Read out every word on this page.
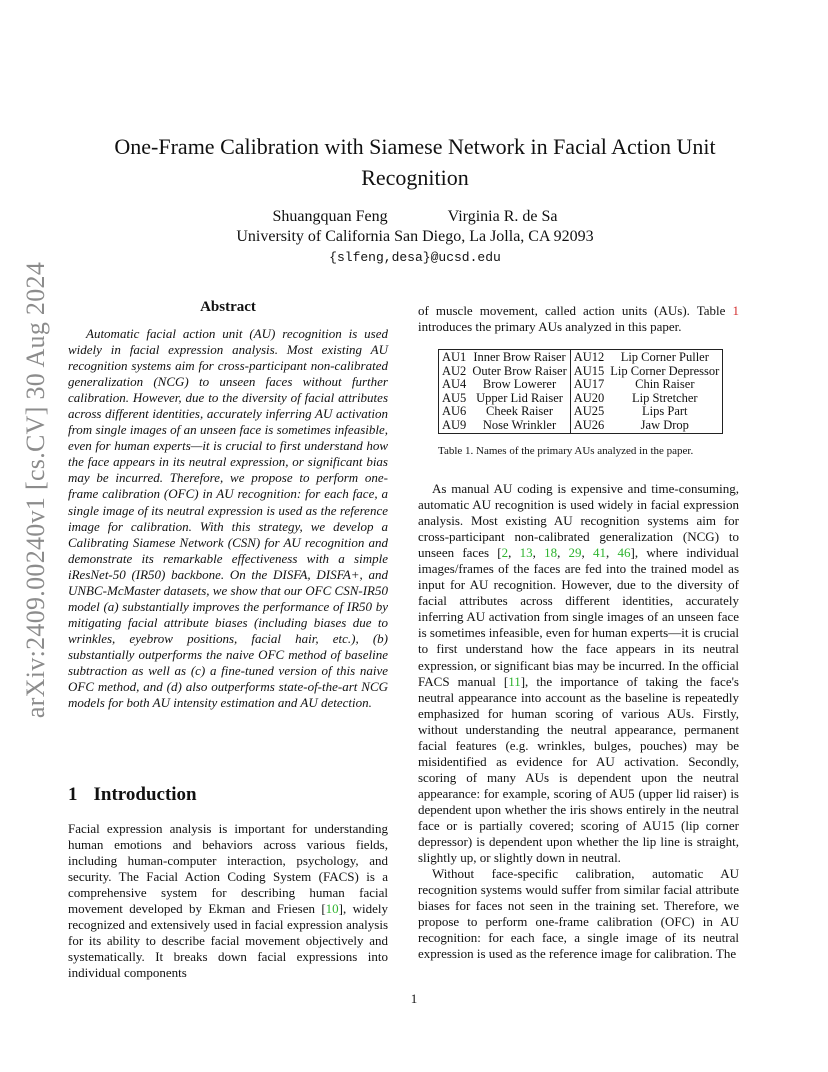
arXiv:2409.00240v1 [cs.CV] 30 Aug 2024
One-Frame Calibration with Siamese Network in Facial Action Unit Recognition
Shuangquan Feng	Virginia R. de Sa
University of California San Diego, La Jolla, CA 92093
{slfeng,desa}@ucsd.edu
Abstract

Automatic facial action unit (AU) recognition is used widely in facial expression analysis. Most existing AU recognition systems aim for cross-participant non-calibrated generalization (NCG) to unseen faces without further calibration. However, due to the diversity of facial attributes across different identities, accurately inferring AU activation from single images of an unseen face is sometimes infeasible, even for human experts—it is crucial to first understand how the face appears in its neutral expression, or significant bias may be incurred. Therefore, we propose to perform one-frame calibration (OFC) in AU recognition: for each face, a single image of its neutral expression is used as the reference image for calibration. With this strategy, we develop a Calibrating Siamese Network (CSN) for AU recognition and demonstrate its remarkable effectiveness with a simple iResNet-50 (IR50) backbone. On the DISFA, DISFA+, and UNBC-McMaster datasets, we show that our OFC CSN-IR50 model (a) substantially improves the performance of IR50 by mitigating facial attribute biases (including biases due to wrinkles, eyebrow positions, facial hair, etc.), (b) substantially outperforms the naive OFC method of baseline subtraction as well as (c) a fine-tuned version of this naive OFC method, and (d) also outperforms state-of-the-art NCG models for both AU intensity estimation and AU detection.

1 Introduction

Facial expression analysis is important for understanding human emotions and behaviors across various fields, including human-computer interaction, psychology, and security. The Facial Action Coding System (FACS) is a comprehensive system for describing human facial movement developed by Ekman and Friesen [10], widely recognized and extensively used in facial expression analysis for its ability to describe facial movement objectively and systematically. It breaks down facial expressions into individual components

of muscle movement, called action units (AUs). Table 1 introduces the primary AUs analyzed in this paper.

AU1	Inner Brow Raiser	AU12	Lip Corner Puller
AU2	Outer Brow Raiser	AU15	Lip Corner Depressor
AU4	Brow Lowerer	AU17	Chin Raiser
AU5	Upper Lid Raiser	AU20	Lip Stretcher
AU6	Cheek Raiser	AU25	Lips Part
AU9	Nose Wrinkler	AU26	Jaw Drop

Table 1. Names of the primary AUs analyzed in the paper.

As manual AU coding is expensive and time-consuming, automatic AU recognition is used widely in facial expression analysis. Most existing AU recognition systems aim for cross-participant non-calibrated generalization (NCG) to unseen faces [2, 13, 18, 29, 41, 46], where individual images/frames of the faces are fed into the trained model as input for AU recognition. However, due to the diversity of facial attributes across different identities, accurately inferring AU activation from single images of an unseen face is sometimes infeasible, even for human experts—it is crucial to first understand how the face appears in its neutral expression, or significant bias may be incurred. In the official FACS manual [11], the importance of taking the face's neutral appearance into account as the baseline is repeatedly emphasized for human scoring of various AUs. Firstly, without understanding the neutral appearance, permanent facial features (e.g. wrinkles, bulges, pouches) may be misidentified as evidence for AU activation. Secondly, scoring of many AUs is dependent upon the neutral appearance: for example, scoring of AU5 (upper lid raiser) is dependent upon whether the iris shows entirely in the neutral face or is partially covered; scoring of AU15 (lip corner depressor) is dependent upon whether the lip line is straight, slightly up, or slightly down in neutral.

Without face-specific calibration, automatic AU recognition systems would suffer from similar facial attribute biases for faces not seen in the training set. Therefore, we propose to perform one-frame calibration (OFC) in AU recognition: for each face, a single image of its neutral expression is used as the reference image for calibration. The

1
